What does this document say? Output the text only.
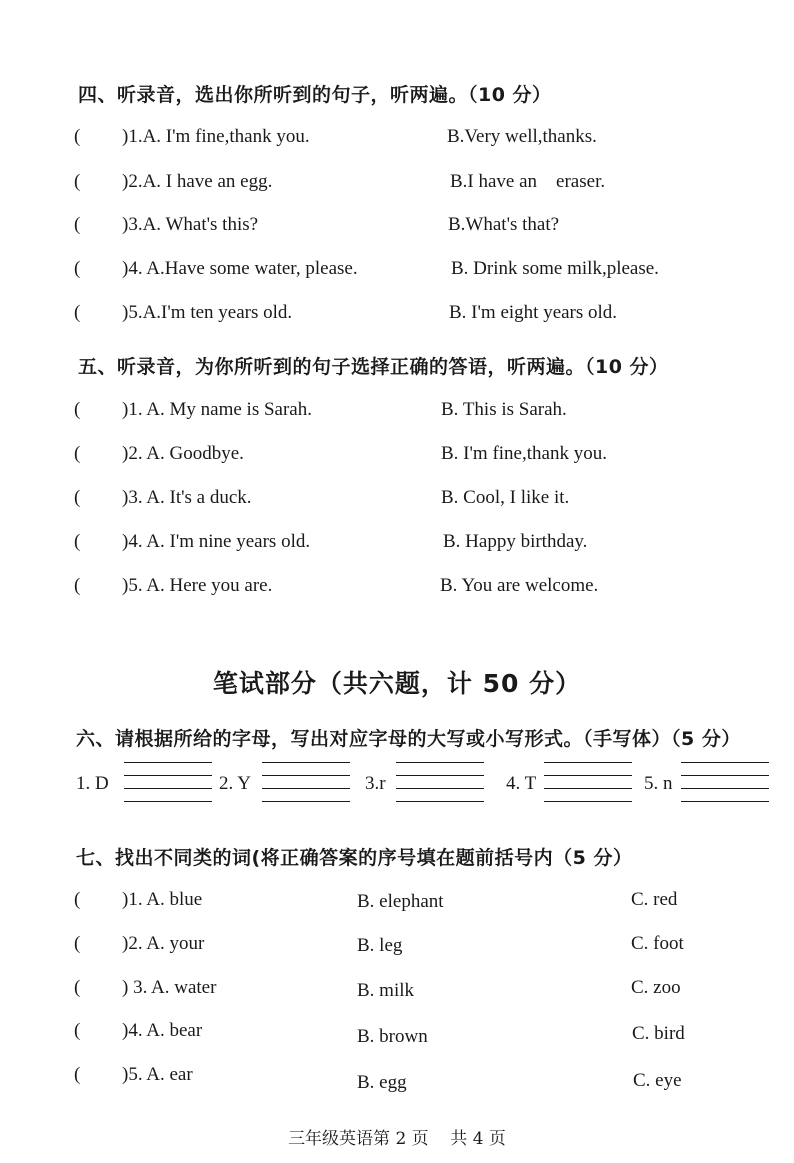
四、听录音，选出你所听到的句子，听两遍。（10 分）
( )1.A. I'm fine,thank you.	B.Very well,thanks.
( )2.A. I have an egg.	B.I have an    eraser.
( )3.A. What's this?	B.What's that?
( )4. A.Have some water, please.	B. Drink some milk,please.
( )5.A.I'm ten years old.	B. I'm eight years old.
五、听录音，为你所听到的句子选择正确的答语，听两遍。（10 分）
( )1. A. My name is Sarah.	B. This is Sarah.
( )2. A. Goodbye.	B. I'm fine,thank you.
( )3. A. It's a duck.	B. Cool, I like it.
( )4. A. I'm nine years old.	B. Happy birthday.
( )5. A. Here you are.	B. You are welcome.
笔试部分（共六题，计 50 分）
六、请根据所给的字母，写出对应字母的大写或小写形式。（手写体）（5 分）
1. D	2. Y	3.r	4. T	5. n
七、找出不同类的词(将正确答案的序号填在题前括号内（5 分）
( )1. A. blue	B. elephant	C. red
( )2. A. your	B. leg	C. foot
( ) 3. A. water	B. milk	C. zoo
( )4. A. bear	B. brown	C. bird
( )5. A. ear	B. egg	C. eye
三年级英语第 2 页    共 4 页
